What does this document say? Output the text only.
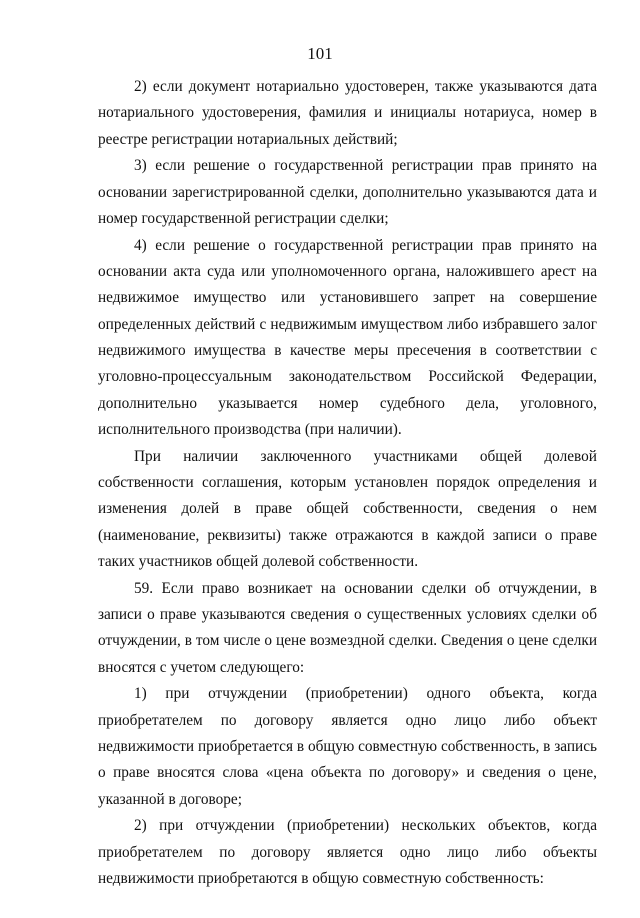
101

2) если документ нотариально удостоверен, также указываются дата нотариального удостоверения, фамилия и инициалы нотариуса, номер в реестре регистрации нотариальных действий;

3) если решение о государственной регистрации прав принято на основании зарегистрированной сделки, дополнительно указываются дата и номер государственной регистрации сделки;

4) если решение о государственной регистрации прав принято на основании акта суда или уполномоченного органа, наложившего арест на недвижимое имущество или установившего запрет на совершение определенных действий с недвижимым имуществом либо избравшего залог недвижимого имущества в качестве меры пресечения в соответствии с уголовно-процессуальным законодательством Российской Федерации, дополнительно указывается номер судебного дела, уголовного, исполнительного производства (при наличии).

При наличии заключенного участниками общей долевой собственности соглашения, которым установлен порядок определения и изменения долей в праве общей собственности, сведения о нем (наименование, реквизиты) также отражаются в каждой записи о праве таких участников общей долевой собственности.

59. Если право возникает на основании сделки об отчуждении, в записи о праве указываются сведения о существенных условиях сделки об отчуждении, в том числе о цене возмездной сделки. Сведения о цене сделки вносятся с учетом следующего:

1) при отчуждении (приобретении) одного объекта, когда приобретателем по договору является одно лицо либо объект недвижимости приобретается в общую совместную собственность, в запись о праве вносятся слова «цена объекта по договору» и сведения о цене, указанной в договоре;

2) при отчуждении (приобретении) нескольких объектов, когда приобретателем по договору является одно лицо либо объекты недвижимости приобретаются в общую совместную собственность:
